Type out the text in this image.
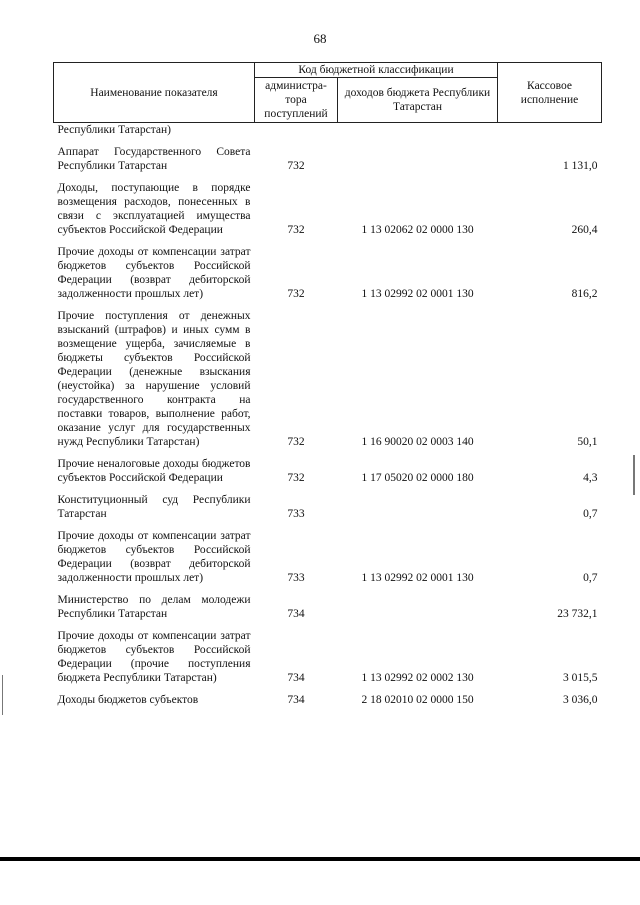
68
Наименование показателя	Код бюджетной классификации		Кассовое исполнение
	администра-тора поступлений	доходов бюджета Республики Татарстан	
Республики Татарстан)			
Аппарат Государственного Совета Республики Татарстан	732		1 131,0
Доходы, поступающие в порядке возмещения расходов, понесенных в связи с эксплуатацией имущества субъектов Российской Федерации	732	1 13 02062 02 0000 130	260,4
Прочие доходы от компенсации затрат бюджетов субъектов Российской Федерации (возврат дебиторской задолженности прошлых лет)	732	1 13 02992 02 0001 130	816,2
Прочие поступления от денежных взысканий (штрафов) и иных сумм в возмещение ущерба, зачисляемые в бюджеты субъектов Российской Федерации (денежные взыскания (неустойка) за нарушение условий государственного контракта на поставки товаров, выполнение работ, оказание услуг для государственных нужд Республики Татарстан)	732	1 16 90020 02 0003 140	50,1
Прочие неналоговые доходы бюджетов субъектов Российской Федерации	732	1 17 05020 02 0000 180	4,3
Конституционный суд Республики Татарстан	733		0,7
Прочие доходы от компенсации затрат бюджетов субъектов Российской Федерации (возврат дебиторской задолженности прошлых лет)	733	1 13 02992 02 0001 130	0,7
Министерство по делам молодежи Республики Татарстан	734		23 732,1
Прочие доходы от компенсации затрат бюджетов субъектов Российской Федерации (прочие поступления бюджета Республики Татарстан)	734	1 13 02992 02 0002 130	3 015,5
Доходы бюджетов субъектов	734	2 18 02010 02 0000 150	3 036,0
